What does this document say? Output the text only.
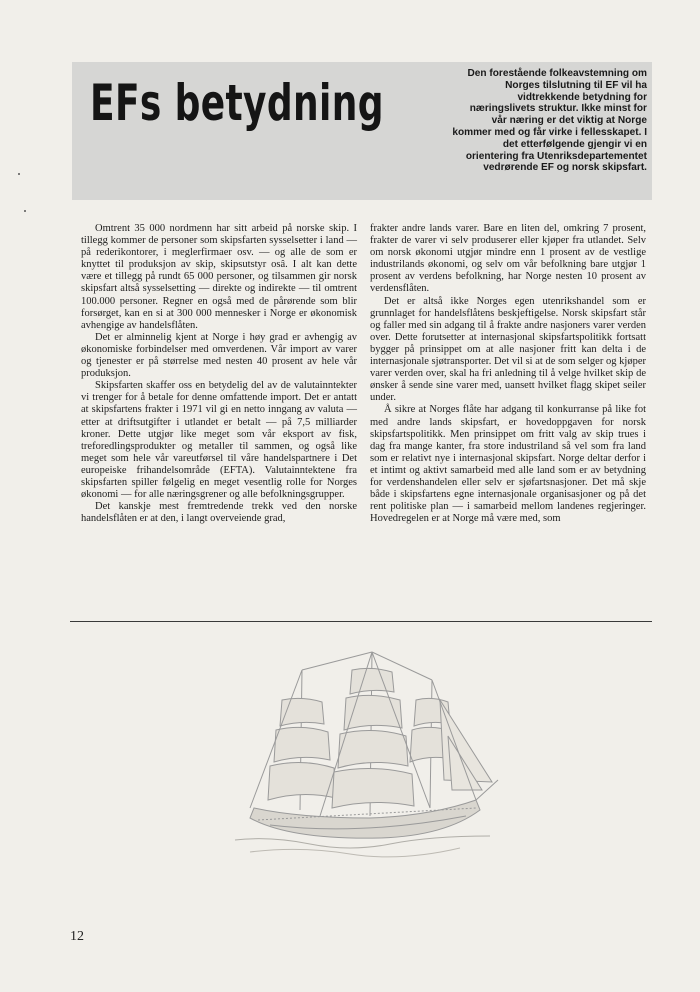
EFs betydning

Den forestående folkeavstemning om Norges tilslutning til EF vil ha vidtrekkende betydning for næringslivets struktur. Ikke minst for vår næring er det viktig at Norge kommer med og får virke i fellesskapet. I det etterfølgende gjengir vi en orientering fra Utenriksdepartementet vedrørende EF og norsk skipsfart.

Omtrent 35 000 nordmenn har sitt arbeid på norske skip. I tillegg kommer de personer som skipsfarten sysselsetter i land — på rederikontorer, i meglerfirmaer osv. — og alle de som er knyttet til produksjon av skip, skipsutstyr osâ. I alt kan dette være et tillegg på rundt 65 000 personer, og tilsammen gir norsk skipsfart altså sysselsetting — direkte og indirekte — til omtrent 100.000 personer. Regner en også med de pårørende som blir forsørget, kan en si at 300 000 mennesker i Norge er økonomisk avhengige av handelsflåten.

Det er alminnelig kjent at Norge i høy grad er avhengig av økonomiske forbindelser med omverdenen. Vår import av varer og tjenester er på størrelse med nesten 40 prosent av hele vår produksjon.

Skipsfarten skaffer oss en betydelig del av de valutainntekter vi trenger for å betale for denne omfattende import. Det er antatt at skipsfartens frakter i 1971 vil gi en netto inngang av valuta — etter at driftsutgifter i utlandet er betalt — på 7,5 milliarder kroner. Dette utgjør like meget som vår eksport av fisk, treforedlingsprodukter og metaller til sammen, og også like meget som hele vår vareutførsel til våre handelspartnere i Det europeiske frihandelsområde (EFTA). Valutainntektene fra skipsfarten spiller følgelig en meget vesentlig rolle for Norges økonomi — for alle næringsgrener og alle befolkningsgrupper.

Det kanskje mest fremtredende trekk ved den norske handelsflåten er at den, i langt overveiende grad,

frakter andre lands varer. Bare en liten del, omkring 7 prosent, frakter de varer vi selv produserer eller kjøper fra utlandet. Selv om norsk økonomi utgjør mindre enn 1 prosent av de vestlige industrilands økonomi, og selv om vår befolkning bare utgjør 1 prosent av verdens befolkning, har Norge nesten 10 prosent av verdensflåten.

Det er altså ikke Norges egen utenrikshandel som er grunnlaget for handelsflåtens beskjeftigelse. Norsk skipsfart står og faller med sin adgang til å frakte andre nasjoners varer verden over. Dette forutsetter at internasjonal skipsfartspolitikk fortsatt bygger på prinsippet om at alle nasjoner fritt kan delta i de internasjonale sjøtransporter. Det vil si at de som selger og kjøper varer verden over, skal ha fri anledning til å velge hvilket skip de ønsker å sende sine varer med, uansett hvilket flagg skipet seiler under.

Å sikre at Norges flåte har adgang til konkurranse på like fot med andre lands skipsfart, er hovedoppgaven for norsk skipsfartspolitikk. Men prinsippet om fritt valg av skip trues i dag fra mange kanter, fra store industriland så vel som fra land som er relativt nye i internasjonal skipsfart. Norge deltar derfor i et intimt og aktivt samarbeid med alle land som er av betydning for verdenshandelen eller selv er sjøfartsnasjoner. Det må skje både i skipsfartens egne internasjonale organisasjoner og på det rent politiske plan — i samarbeid mellom landenes regjeringer. Hovedregelen er at Norge må være med, som

12
